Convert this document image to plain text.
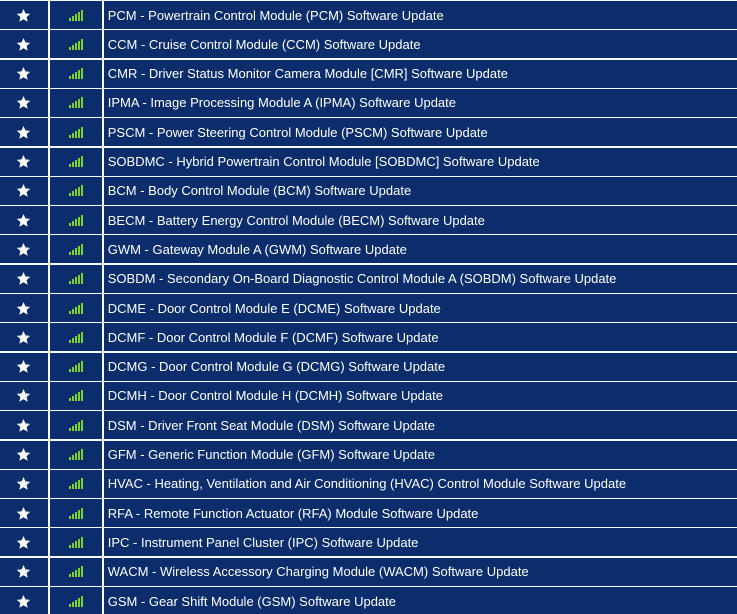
PCM - Powertrain Control Module (PCM) Software Update
CCM - Cruise Control Module (CCM) Software Update
CMR - Driver Status Monitor Camera Module [CMR] Software Update
IPMA - Image Processing Module A (IPMA) Software Update
PSCM - Power Steering Control Module (PSCM) Software Update
SOBDMC - Hybrid Powertrain Control Module [SOBDMC] Software Update
BCM - Body Control Module (BCM) Software Update
BECM - Battery Energy Control Module (BECM) Software Update
GWM - Gateway Module A (GWM) Software Update
SOBDM - Secondary On-Board Diagnostic Control Module A (SOBDM) Software Update
DCME - Door Control Module E (DCME) Software Update
DCMF - Door Control Module F (DCMF) Software Update
DCMG - Door Control Module G (DCMG) Software Update
DCMH - Door Control Module H (DCMH) Software Update
DSM - Driver Front Seat Module (DSM) Software Update
GFM - Generic Function Module (GFM) Software Update
HVAC - Heating, Ventilation and Air Conditioning (HVAC) Control Module Software Update
RFA - Remote Function Actuator (RFA) Module Software Update
IPC - Instrument Panel Cluster (IPC) Software Update
WACM - Wireless Accessory Charging Module (WACM) Software Update
GSM - Gear Shift Module (GSM) Software Update
